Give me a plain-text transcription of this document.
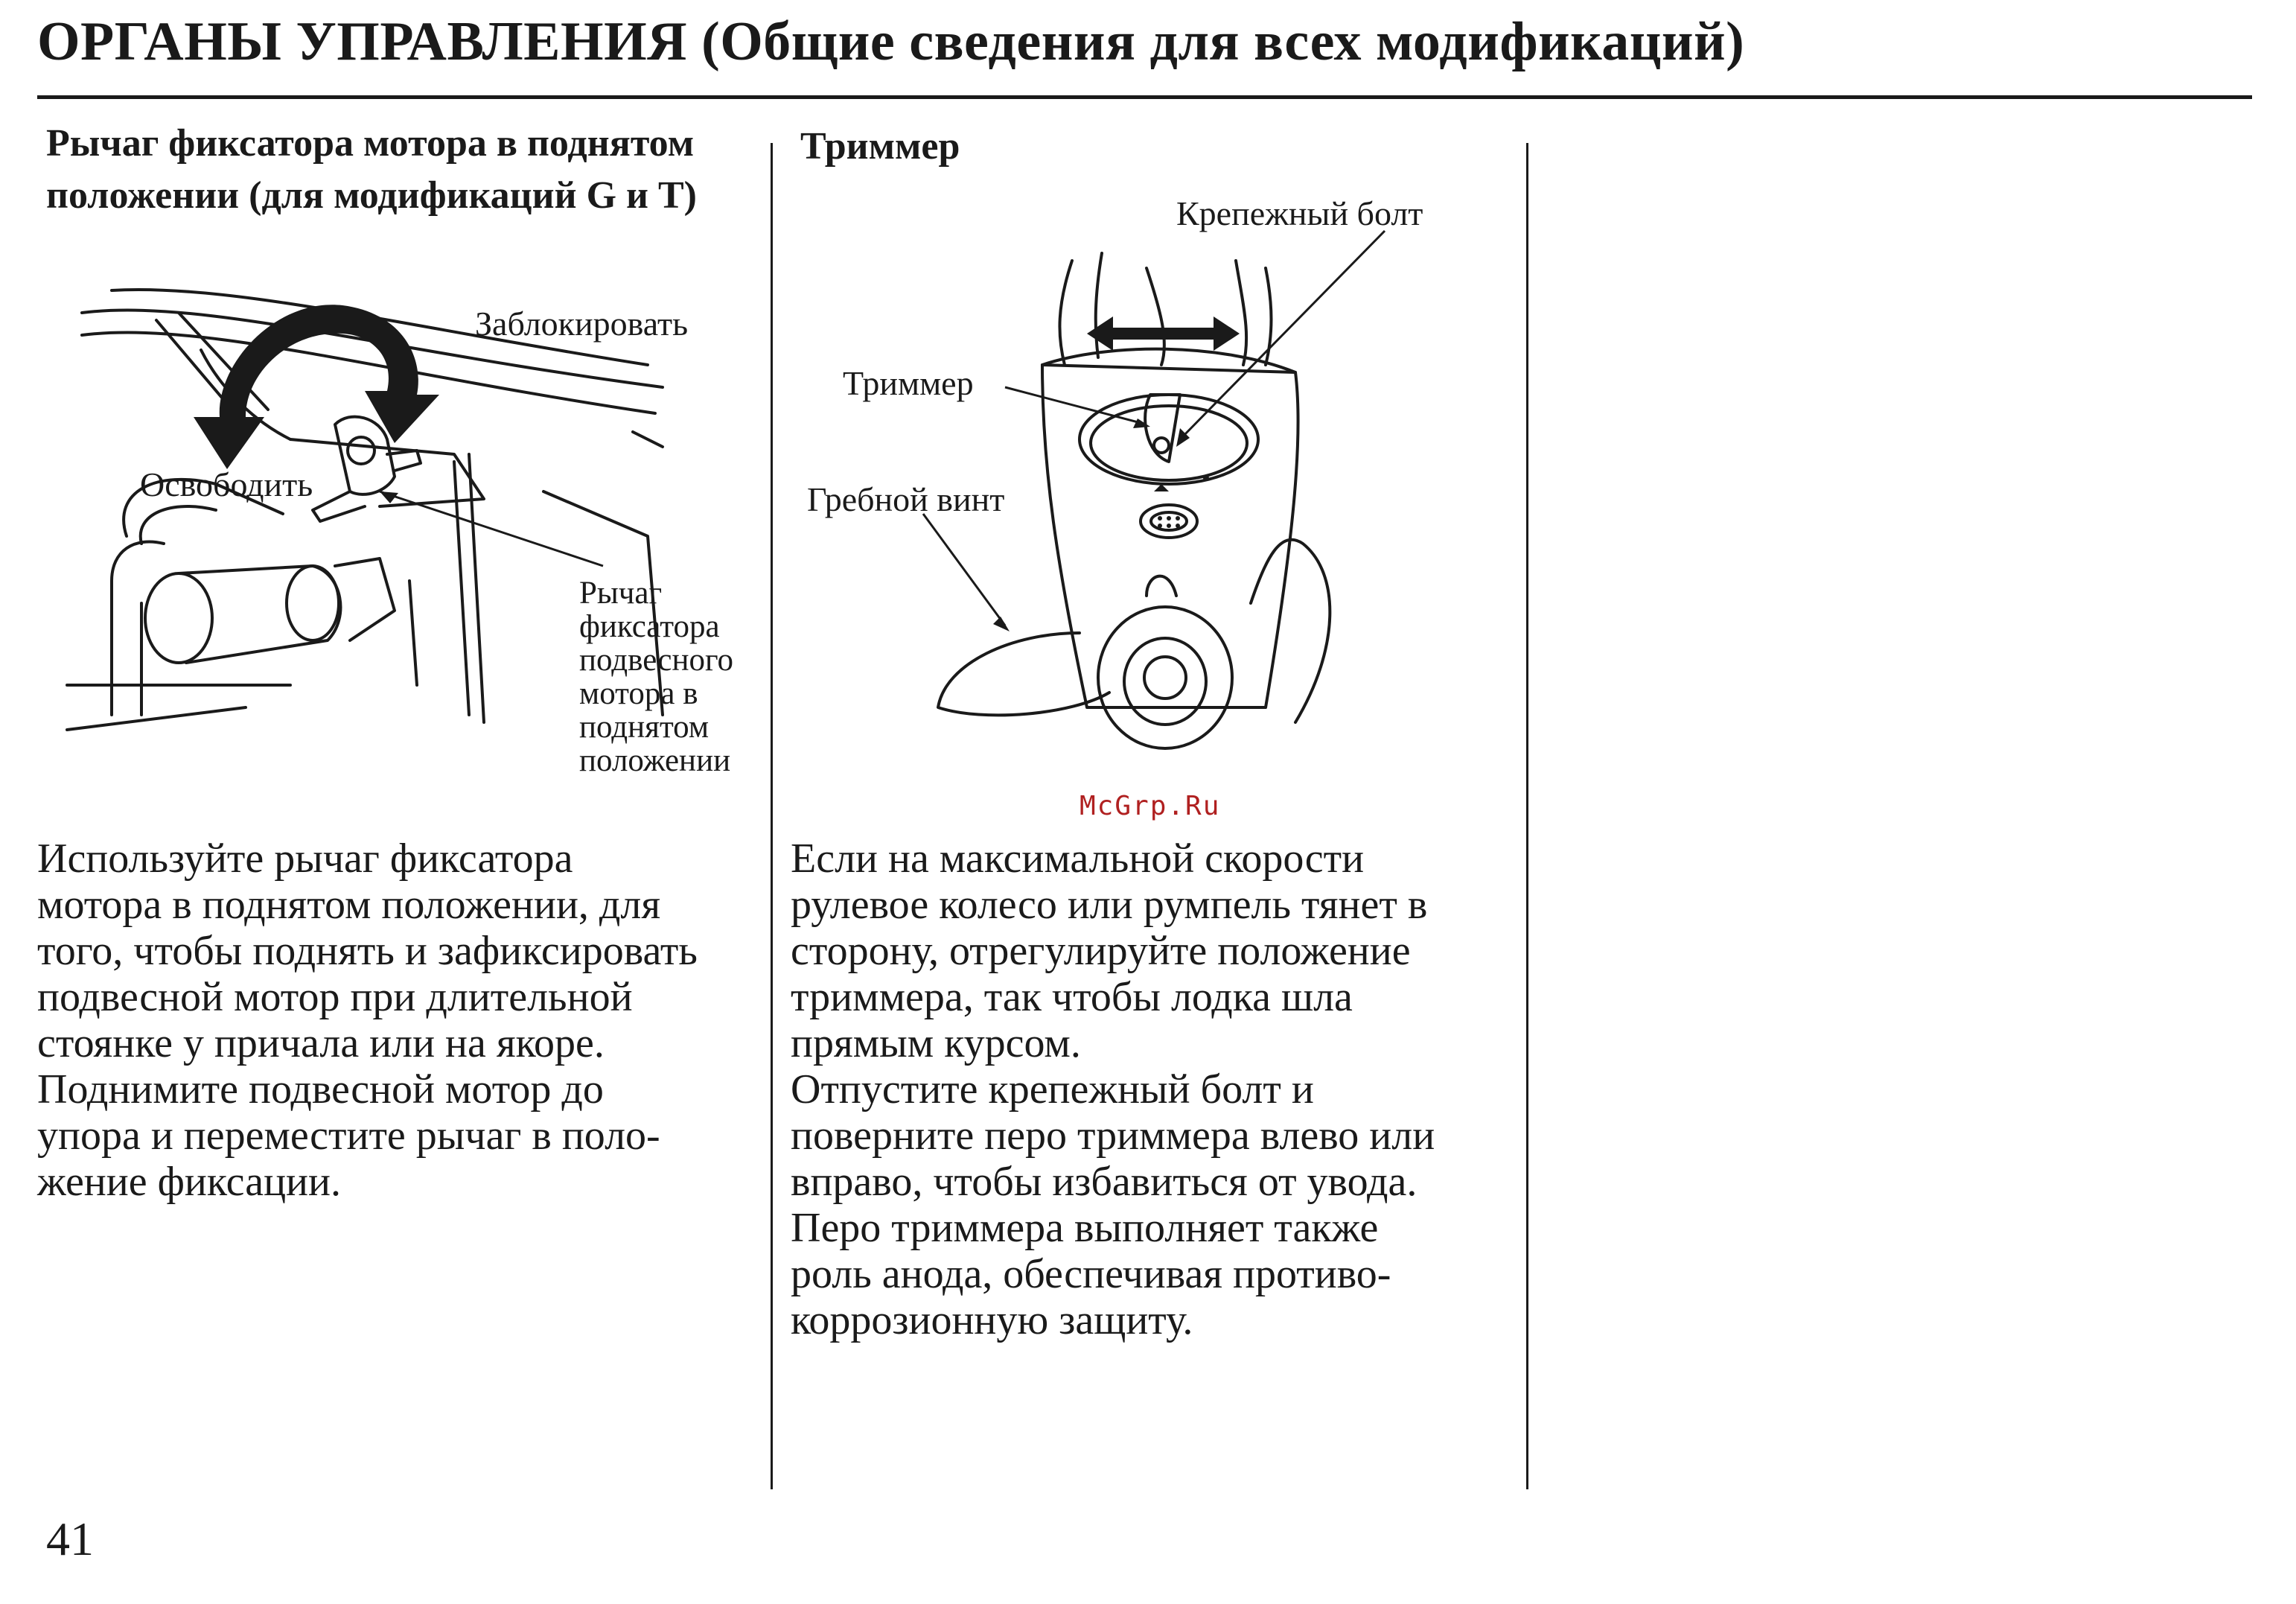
ОРГАНЫ УПРАВЛЕНИЯ (Общие сведения для всех модификаций)
Рычаг фиксатора мотора в поднятом
положении (для модификаций G и T)
Заблокировать
Освободить
Рычаг
фиксатора
подвесного
мотора в
поднятом
положении
Используйте рычаг фиксатора
мотора в поднятом положении, для
того, чтобы поднять и зафиксировать
подвесной мотор при длительной
стоянке у причала или на якоре.
Поднимите подвесной мотор до
упора и переместите рычаг в поло-
жение фиксации.
Триммер
Крепежный болт
Триммер
Гребной винт
McGrp.Ru
Если на максимальной скорости
рулевое колесо или румпель тянет в
сторону, отрегулируйте положение
триммера, так чтобы лодка шла
прямым курсом.
Отпустите крепежный болт и
поверните перо триммера влево или
вправо, чтобы избавиться от увода.
Перо триммера выполняет также
роль анода, обеспечивая противо-
коррозионную защиту.
41
